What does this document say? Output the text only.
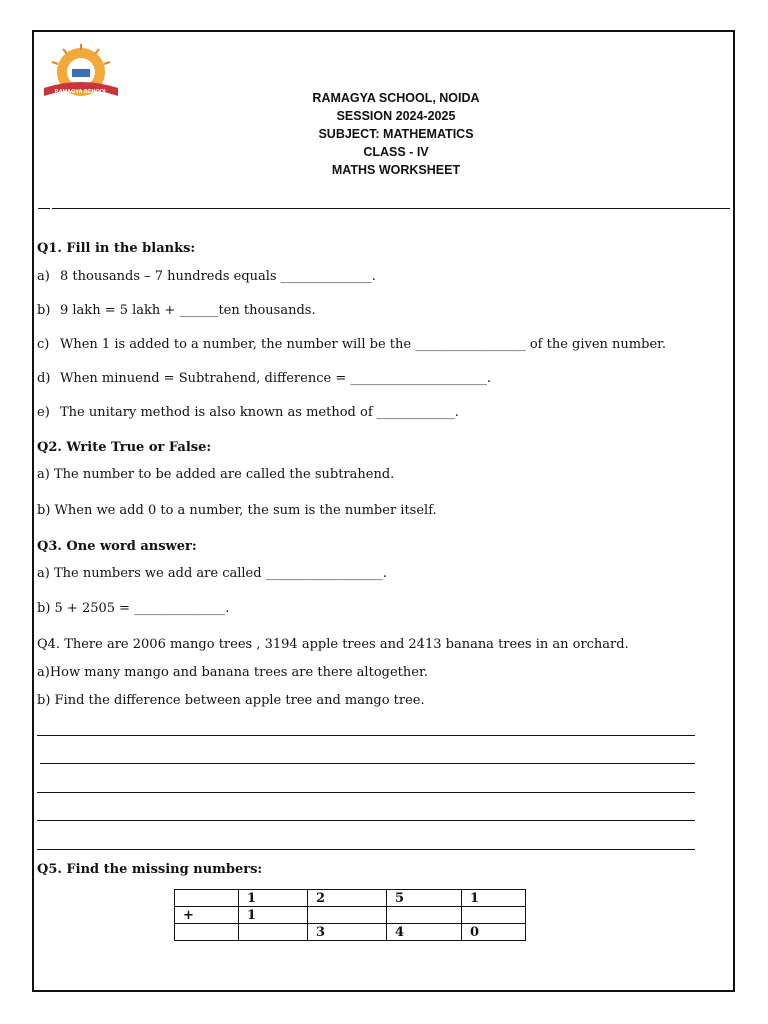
RAMAGYA SCHOOL	RAMAGYA SCHOOL, NOIDA
SESSION 2024-2025
SUBJECT: MATHEMATICS
CLASS - IV
MATHS WORKSHEET
Q1. Fill in the blanks:
a) 8 thousands – 7 hundreds equals ______________.
b) 9 lakh = 5 lakh + ______ten thousands.
c) When 1 is added to a number, the number will be the _________________ of the given number.
d) When minuend = Subtrahend, difference = _____________________.
e) The unitary method is also known as method of ____________.
Q2. Write True or False:
a) The number to be added are called the subtrahend.
b) When we add 0 to a number, the sum is the number itself.
Q3. One word answer:
a) The numbers we add are called __________________.
b) 5 + 2505 = ______________.
Q4. There are 2006 mango trees , 3194 apple trees and 2413 banana trees in an orchard.
a)How many mango and banana trees are there altogether.
b) Find the difference between apple tree and mango tree.
Q5. Find the missing numbers:
	1	2	5	1
+	1			
		3	4	0
